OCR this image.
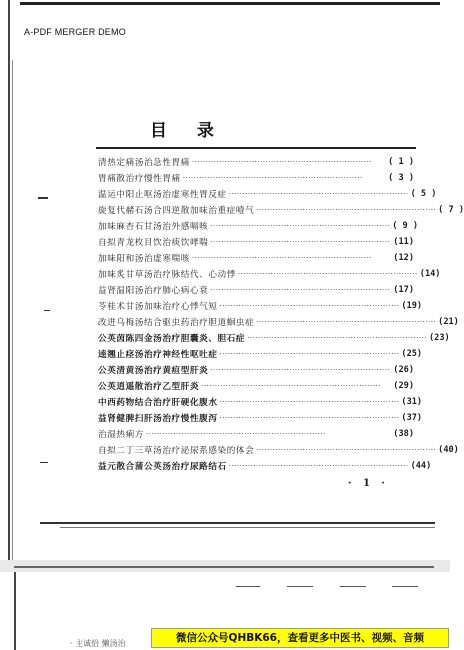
A-PDF MERGER DEMO
目 录
清热定痛汤治急性胃痛 ··································································	( 1 )
胃痛散治疗慢性胃痛 ··································································	( 3 )
温运中阳止呕汤治虚寒性胃反症 ·································································· ( 5 )
旋复代赭石汤合四逆散加味治重症噎气 ·································································· ( 7 )
加味麻杏石甘汤治外感嗝咳 ·································································· ( 9 )
自拟青龙枚目饮治痰饮哮喘 ·································································· (11)
加味阳和汤治虚寒喘咳 ··································································	(12)
加味炙甘草汤治疗脉结代、心动悸 ·································································· (14)
益肾温阳汤治疗肺心病心衰 ·································································· (17)
苓桂术甘汤加味治疗心悸气短 ·································································· (19)
改进乌梅汤结合驱虫药治疗胆道蛔虫症 ·································································· (21)
公英茵陈四金汤治疗胆囊炎、胆石症 ·································································· (23)
逵翘止痉汤治疗神经性呕吐症 ·································································· (25)
公英清黄汤治疗黄疸型肝炎 ·································································· (26)
公英逍遥散治疗乙型肝炎 ··································································	(29)
中西药物结合治疗肝硬化腹水 ·································································· (31)
益肾健脾扫肝汤治疗慢性腹泻 ·································································· (37)
治湿热痢方 ··································································	(38)
自拟二丁三草汤治疗泌尿系感染的体会 ·································································· (40)
益元散合蒲公英汤治疗尿路结石 ·································································· (44)
· 1 ·
· 主诚恰 懒汤治	微信公众号QHBK66，查看更多中医书、视频、音频
